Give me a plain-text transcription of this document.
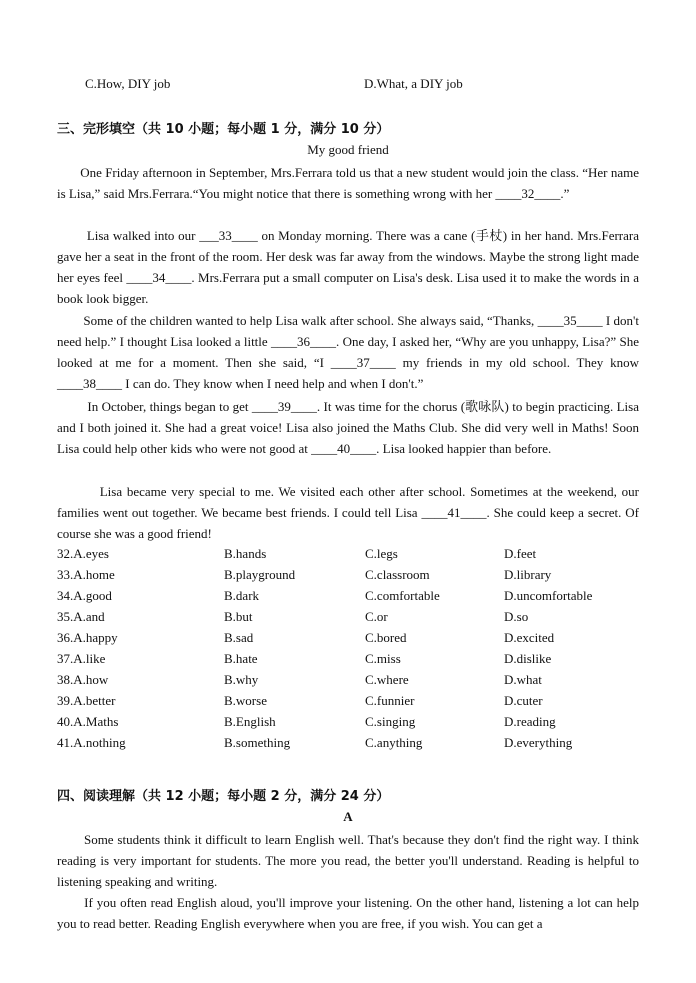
C.How, DIY job	D.What, a DIY job
三、完形填空（共 10 小题；每小题 1 分，满分 10 分）
My good friend

One Friday afternoon in September, Mrs.Ferrara told us that a new student would join the class. “Her name is Lisa,” said Mrs.Ferrara.“You might notice that there is something wrong with her ____32____.”

Lisa walked into our ___33____ on Monday morning. There was a cane (手杖) in her hand. Mrs.Ferrara gave her a seat in the front of the room. Her desk was far away from the windows. Maybe the strong light made her eyes feel ____34____. Mrs.Ferrara put a small computer on Lisa's desk. Lisa used it to make the words in a book look bigger.

Some of the children wanted to help Lisa walk after school. She always said, “Thanks, ____35____ I don't need help.” I thought Lisa looked a little ____36____. One day, I asked her, “Why are you unhappy, Lisa?” She looked at me for a moment. Then she said, “I ____37____ my friends in my old school. They know ____38____ I can do. They know when I need help and when I don't.”

In October, things began to get ____39____. It was time for the chorus (歌咏队) to begin practicing. Lisa and I both joined it. She had a great voice! Lisa also joined the Maths Club. She did very well in Maths! Soon Lisa could help other kids who were not good at ____40____. Lisa looked happier than before.

Lisa became very special to me. We visited each other after school. Sometimes at the weekend, our families went out together. We became best friends. I could tell Lisa ____41____. She could keep a secret. Of course she was a good friend!

32.A.eyes	B.hands	C.legs	D.feet
33.A.home	B.playground	C.classroom	D.library
34.A.good	B.dark	C.comfortable	D.uncomfortable
35.A.and	B.but	C.or	D.so
36.A.happy	B.sad	C.bored	D.excited
37.A.like	B.hate	C.miss	D.dislike
38.A.how	B.why	C.where	D.what
39.A.better	B.worse	C.funnier	D.cuter
40.A.Maths	B.English	C.singing	D.reading
41.A.nothing	B.something	C.anything	D.everything
四、阅读理解（共 12 小题；每小题 2 分，满分 24 分）
A

Some students think it difficult to learn English well. That's because they don't find the right way. I think reading is very important for students. The more you read, the better you'll understand. Reading is helpful to listening speaking and writing.

If you often read English aloud, you'll improve your listening. On the other hand, listening a lot can help you to read better. Reading English everywhere when you are free, if you wish. You can get a
